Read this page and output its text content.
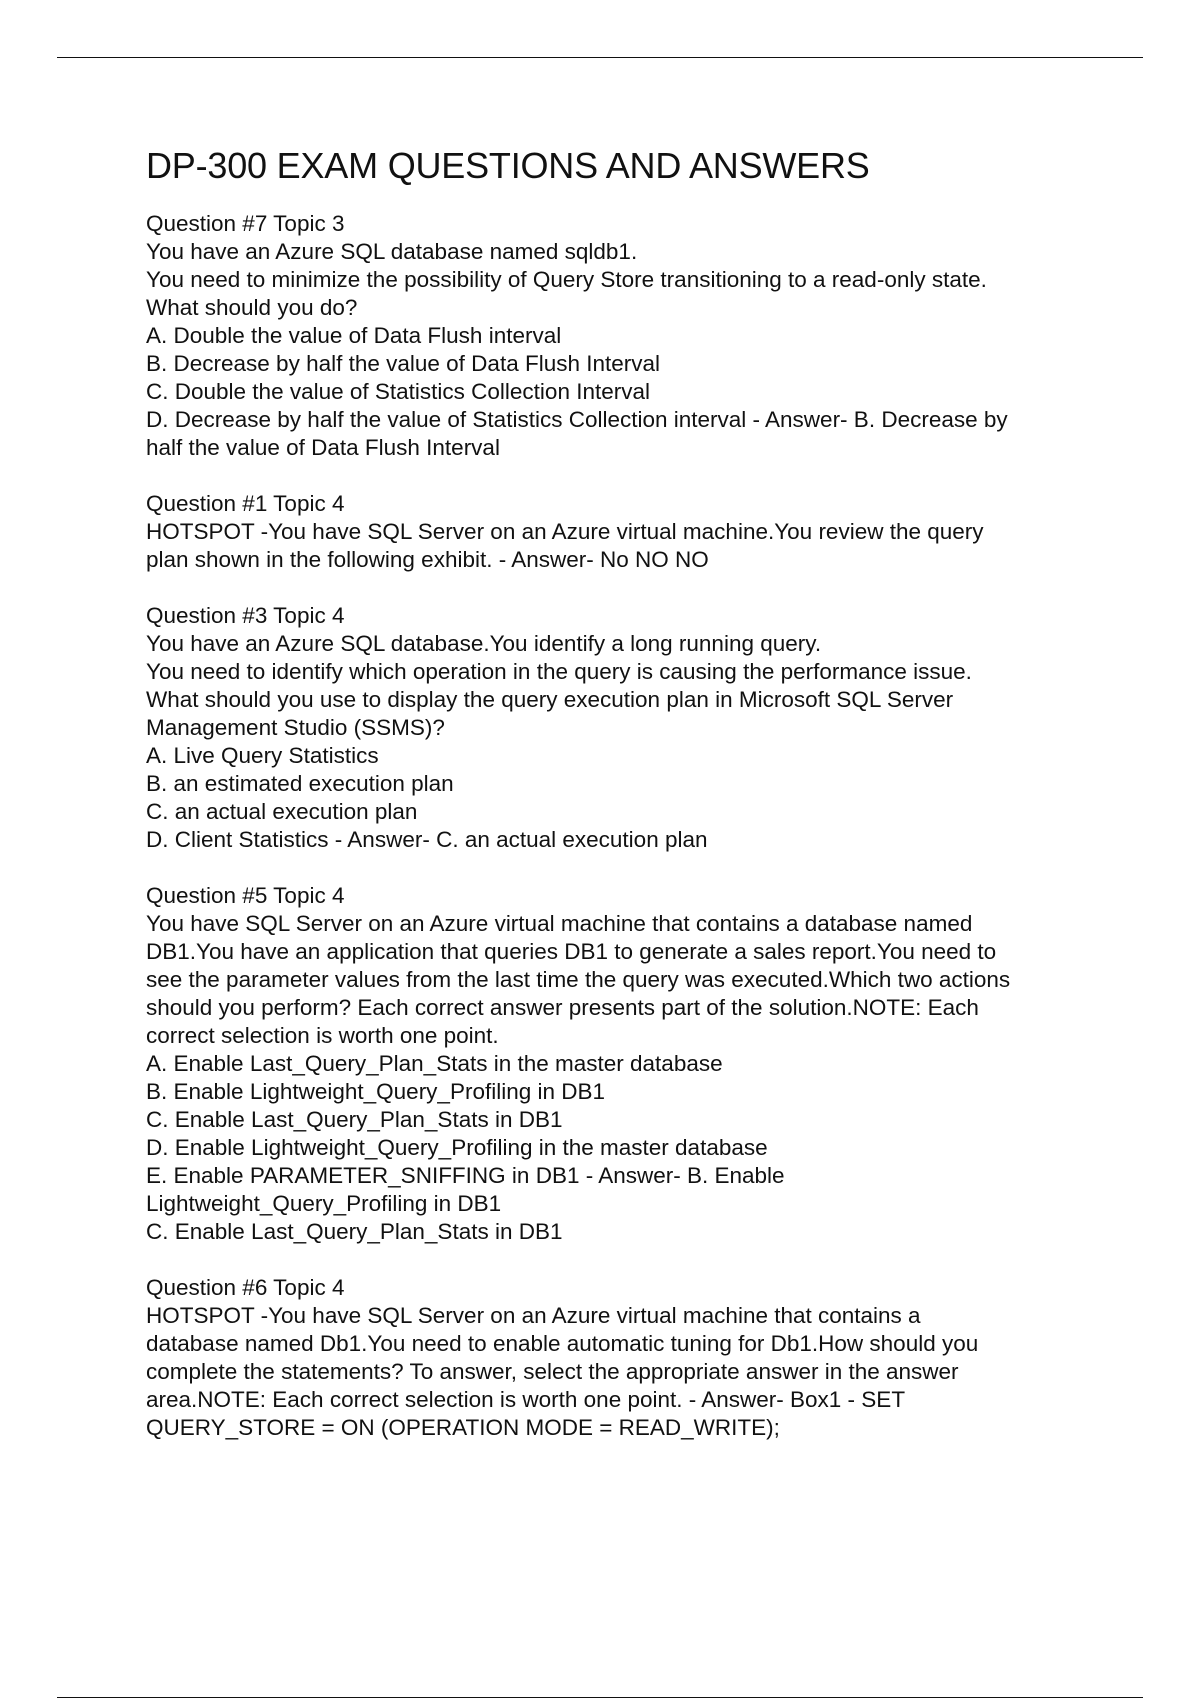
DP-300 EXAM QUESTIONS AND ANSWERS

Question #7 Topic 3

You have an Azure SQL database named sqldb1.

You need to minimize the possibility of Query Store transitioning to a read-only state.

What should you do?

A. Double the value of Data Flush interval

B. Decrease by half the value of Data Flush Interval

C. Double the value of Statistics Collection Interval

D. Decrease by half the value of Statistics Collection interval - Answer- B. Decrease by

half the value of Data Flush Interval

Question #1 Topic 4

HOTSPOT -You have SQL Server on an Azure virtual machine.You review the query

plan shown in the following exhibit. - Answer- No NO NO

Question #3 Topic 4

You have an Azure SQL database.You identify a long running query.

You need to identify which operation in the query is causing the performance issue.

What should you use to display the query execution plan in Microsoft SQL Server

Management Studio (SSMS)?

A. Live Query Statistics

B. an estimated execution plan

C. an actual execution plan

D. Client Statistics - Answer- C. an actual execution plan

Question #5 Topic 4

You have SQL Server on an Azure virtual machine that contains a database named

DB1.You have an application that queries DB1 to generate a sales report.You need to

see the parameter values from the last time the query was executed.Which two actions

should you perform? Each correct answer presents part of the solution.NOTE: Each

correct selection is worth one point.

A. Enable Last_Query_Plan_Stats in the master database

B. Enable Lightweight_Query_Profiling in DB1

C. Enable Last_Query_Plan_Stats in DB1

D. Enable Lightweight_Query_Profiling in the master database

E. Enable PARAMETER_SNIFFING in DB1 - Answer- B. Enable

Lightweight_Query_Profiling in DB1

C. Enable Last_Query_Plan_Stats in DB1

Question #6 Topic 4

HOTSPOT -You have SQL Server on an Azure virtual machine that contains a

database named Db1.You need to enable automatic tuning for Db1.How should you

complete the statements? To answer, select the appropriate answer in the answer

area.NOTE: Each correct selection is worth one point. - Answer- Box1 - SET

QUERY_STORE = ON (OPERATION MODE = READ_WRITE);
